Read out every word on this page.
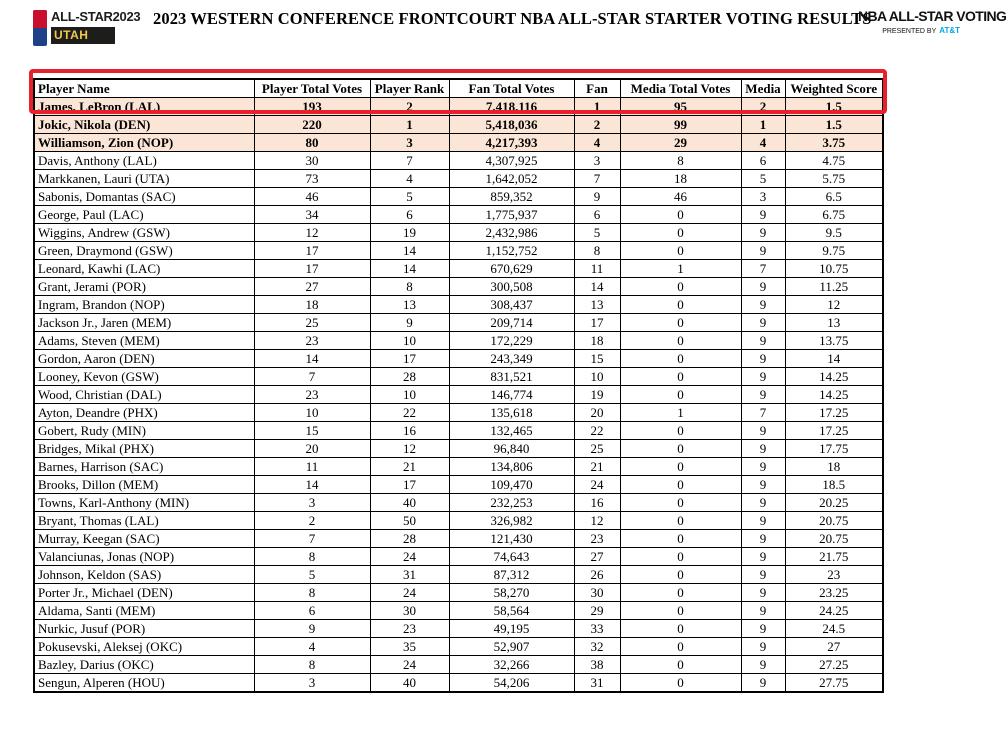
ALL-STAR2023
UTAH
2023 WESTERN CONFERENCE FRONTCOURT NBA ALL-STAR STARTER VOTING RESULTS
NBA ALL-STAR VOTING
PRESENTED BY AT&T
Player Name	Player Total Votes	Player Rank	Fan Total Votes	Fan	Media Total Votes	Media	Weighted Score
James, LeBron (LAL)	193	2	7,418,116	1	95	2	1.5
Jokic, Nikola (DEN)	220	1	5,418,036	2	99	1	1.5
Williamson, Zion (NOP)	80	3	4,217,393	4	29	4	3.75
Davis, Anthony (LAL)	30	7	4,307,925	3	8	6	4.75
Markkanen, Lauri (UTA)	73	4	1,642,052	7	18	5	5.75
Sabonis, Domantas (SAC)	46	5	859,352	9	46	3	6.5
George, Paul (LAC)	34	6	1,775,937	6	0	9	6.75
Wiggins, Andrew (GSW)	12	19	2,432,986	5	0	9	9.5
Green, Draymond (GSW)	17	14	1,152,752	8	0	9	9.75
Leonard, Kawhi (LAC)	17	14	670,629	11	1	7	10.75
Grant, Jerami (POR)	27	8	300,508	14	0	9	11.25
Ingram, Brandon (NOP)	18	13	308,437	13	0	9	12
Jackson Jr., Jaren (MEM)	25	9	209,714	17	0	9	13
Adams, Steven (MEM)	23	10	172,229	18	0	9	13.75
Gordon, Aaron (DEN)	14	17	243,349	15	0	9	14
Looney, Kevon (GSW)	7	28	831,521	10	0	9	14.25
Wood, Christian (DAL)	23	10	146,774	19	0	9	14.25
Ayton, Deandre (PHX)	10	22	135,618	20	1	7	17.25
Gobert, Rudy (MIN)	15	16	132,465	22	0	9	17.25
Bridges, Mikal (PHX)	20	12	96,840	25	0	9	17.75
Barnes, Harrison (SAC)	11	21	134,806	21	0	9	18
Brooks, Dillon (MEM)	14	17	109,470	24	0	9	18.5
Towns, Karl-Anthony (MIN)	3	40	232,253	16	0	9	20.25
Bryant, Thomas (LAL)	2	50	326,982	12	0	9	20.75
Murray, Keegan (SAC)	7	28	121,430	23	0	9	20.75
Valanciunas, Jonas (NOP)	8	24	74,643	27	0	9	21.75
Johnson, Keldon (SAS)	5	31	87,312	26	0	9	23
Porter Jr., Michael (DEN)	8	24	58,270	30	0	9	23.25
Aldama, Santi (MEM)	6	30	58,564	29	0	9	24.25
Nurkic, Jusuf (POR)	9	23	49,195	33	0	9	24.5
Pokusevski, Aleksej (OKC)	4	35	52,907	32	0	9	27
Bazley, Darius (OKC)	8	24	32,266	38	0	9	27.25
Sengun, Alperen (HOU)	3	40	54,206	31	0	9	27.75
